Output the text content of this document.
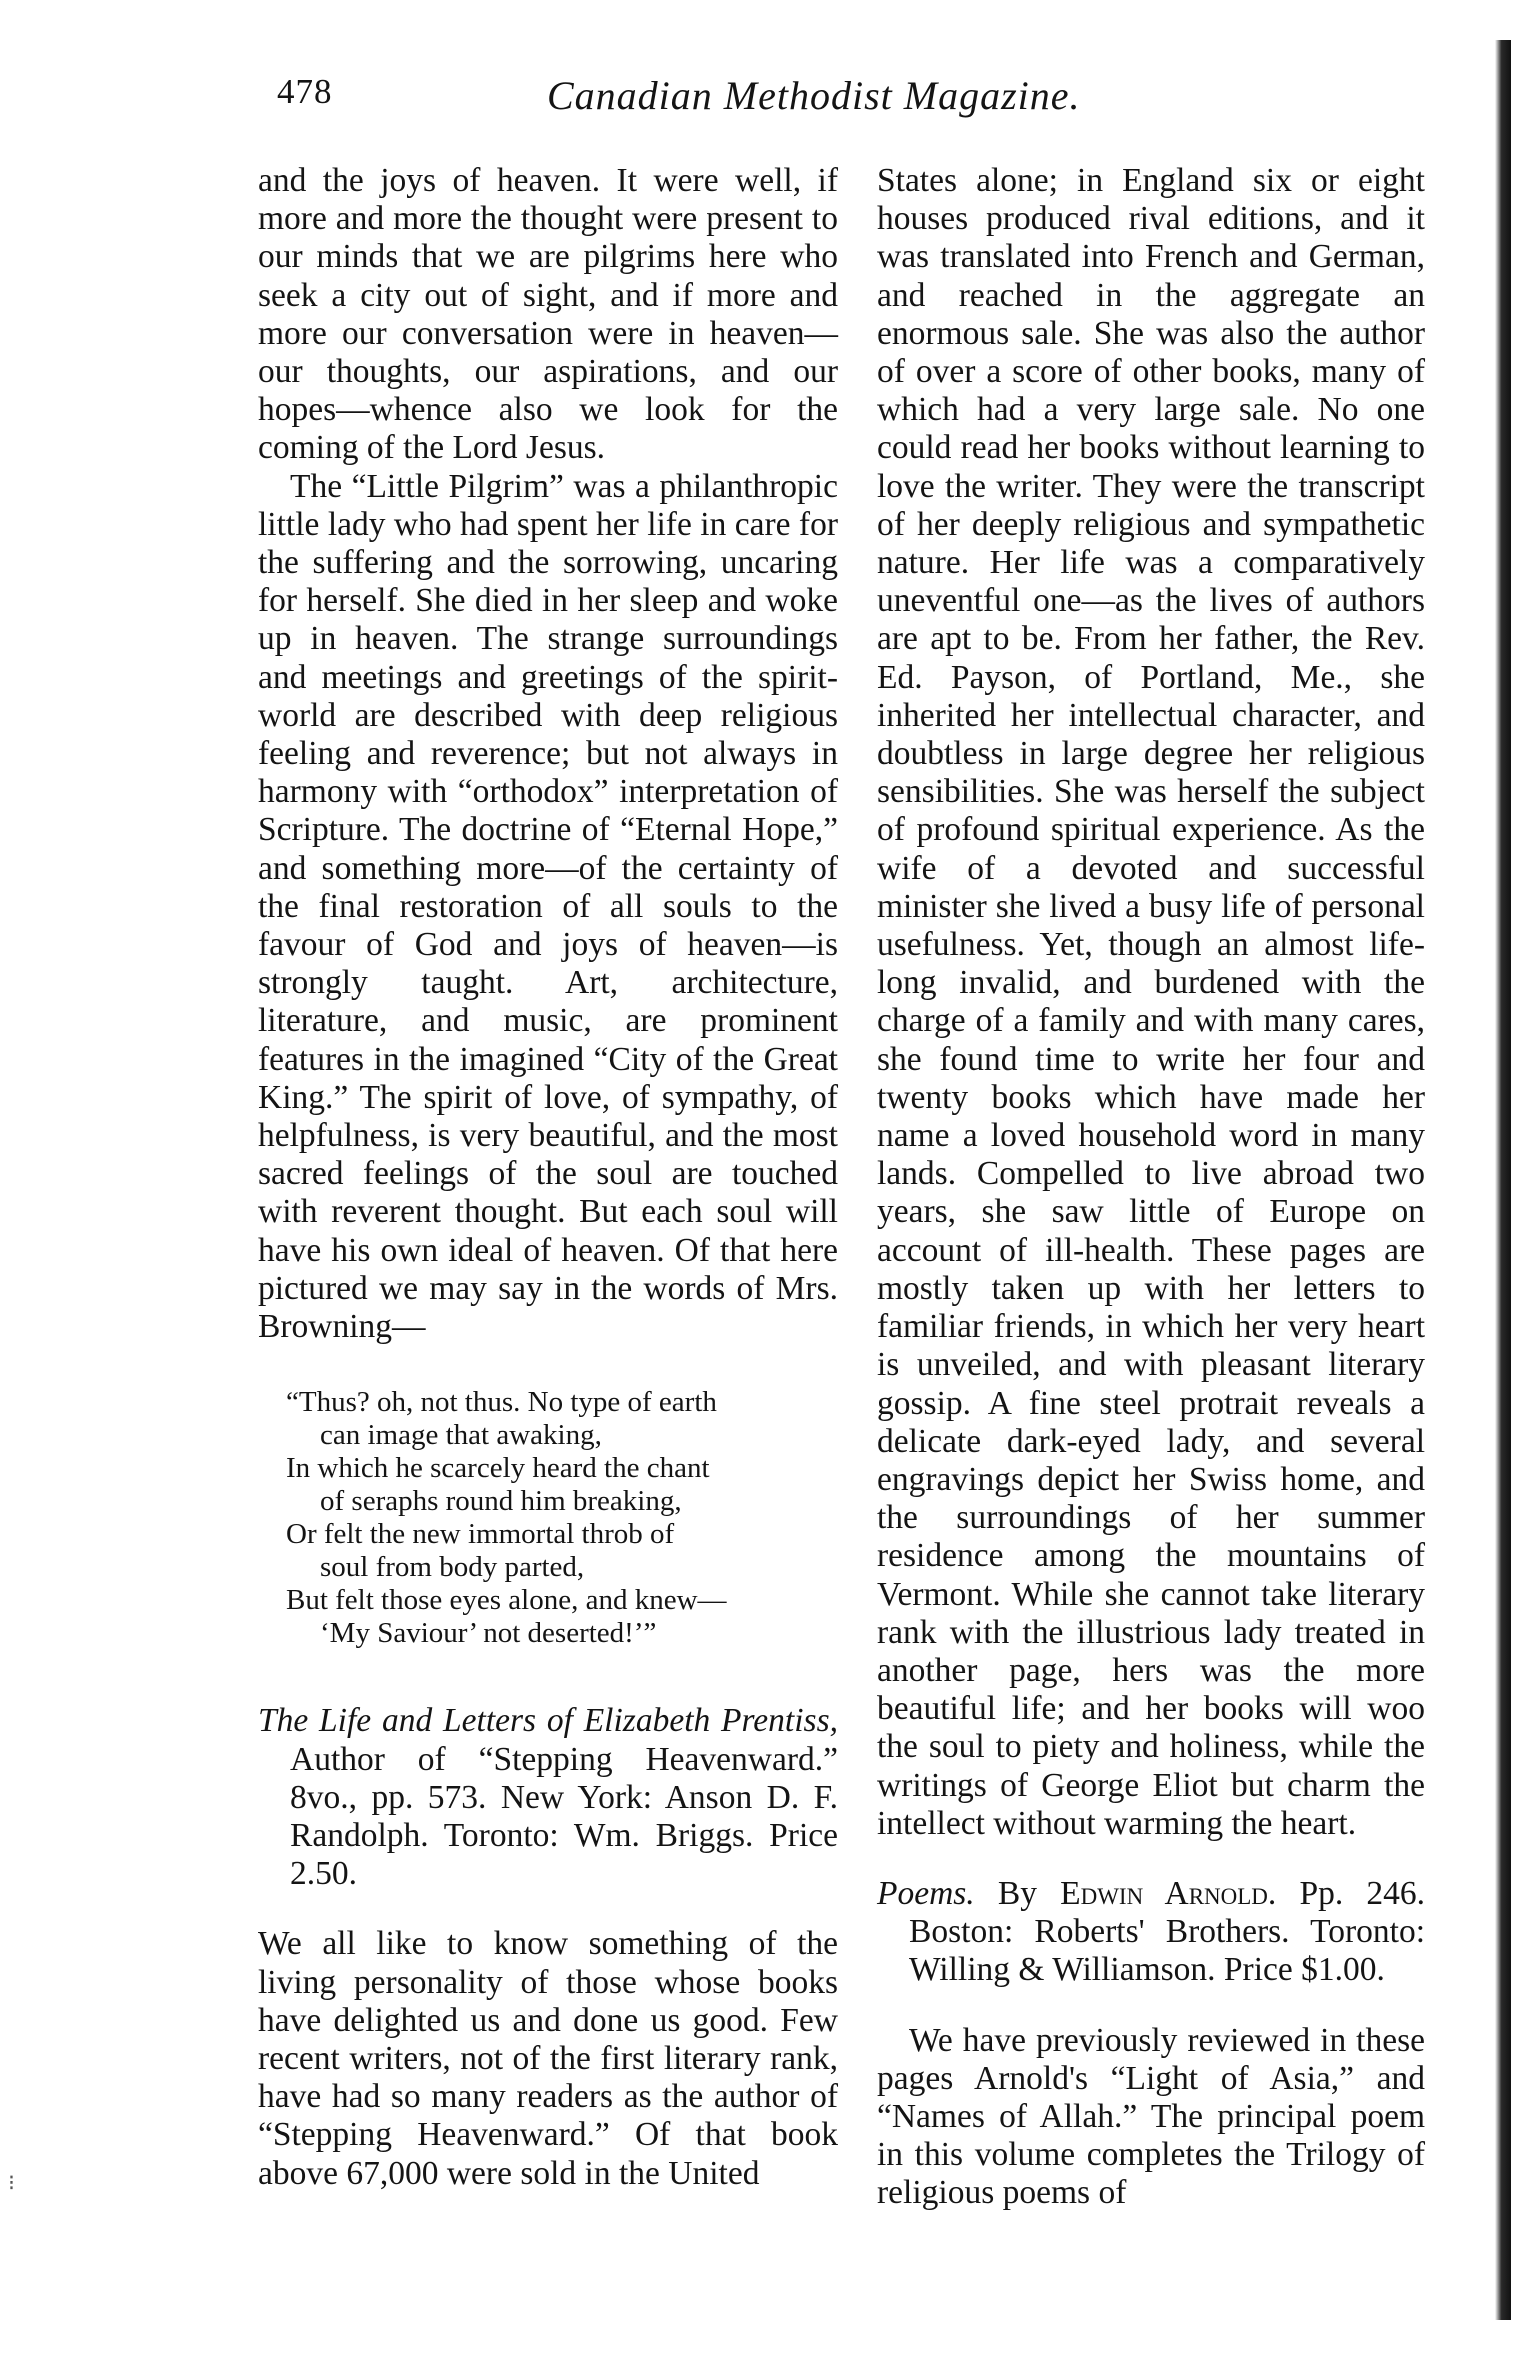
478	Canadian Methodist Magazine.

and the joys of heaven. It were well, if more and more the thought were present to our minds that we are pilgrims here who seek a city out of sight, and if more and more our conversation were in heaven—our thoughts, our aspirations, and our hopes—whence also we look for the coming of the Lord Jesus.

The “Little Pilgrim” was a philanthropic little lady who had spent her life in care for the suffering and the sorrowing, uncaring for herself. She died in her sleep and woke up in heaven. The strange surroundings and meetings and greetings of the spirit-world are described with deep religious feeling and reverence; but not always in harmony with “orthodox” interpretation of Scripture. The doctrine of “Eternal Hope,” and something more—of the certainty of the final restoration of all souls to the favour of God and joys of heaven—is strongly taught. Art, architecture, literature, and music, are prominent features in the imagined “City of the Great King.” The spirit of love, of sympathy, of helpfulness, is very beautiful, and the most sacred feelings of the soul are touched with reverent thought. But each soul will have his own ideal of heaven. Of that here pictured we may say in the words of Mrs. Browning—

“Thus? oh, not thus. No type of earth
can image that awaking,
In which he scarcely heard the chant
of seraphs round him breaking,
Or felt the new immortal throb of
soul from body parted,
But felt those eyes alone, and knew—
‘My Saviour’ not deserted!’”

The Life and Letters of Elizabeth Prentiss, Author of “Stepping Heavenward.” 8vo., pp. 573. New York: Anson D. F. Randolph. Toronto: Wm. Briggs. Price 2.50.

We all like to know something of the living personality of those whose books have delighted us and done us good. Few recent writers, not of the first literary rank, have had so many readers as the author of “Stepping Heavenward.” Of that book above 67,000 were sold in the United

States alone; in England six or eight houses produced rival editions, and it was translated into French and German, and reached in the aggregate an enormous sale. She was also the author of over a score of other books, many of which had a very large sale. No one could read her books without learning to love the writer. They were the transcript of her deeply religious and sympathetic nature. Her life was a comparatively uneventful one—as the lives of authors are apt to be. From her father, the Rev. Ed. Payson, of Portland, Me., she inherited her intellectual character, and doubtless in large degree her religious sensibilities. She was herself the subject of profound spiritual experience. As the wife of a devoted and successful minister she lived a busy life of personal usefulness. Yet, though an almost life-long invalid, and burdened with the charge of a family and with many cares, she found time to write her four and twenty books which have made her name a loved household word in many lands. Compelled to live abroad two years, she saw little of Europe on account of ill-health. These pages are mostly taken up with her letters to familiar friends, in which her very heart is unveiled, and with pleasant literary gossip. A fine steel protrait reveals a delicate dark-eyed lady, and several engravings depict her Swiss home, and the surroundings of her summer residence among the mountains of Vermont. While she cannot take literary rank with the illustrious lady treated in another page, hers was the more beautiful life; and her books will woo the soul to piety and holiness, while the writings of George Eliot but charm the intellect without warming the heart.

Poems. By Edwin Arnold. Pp. 246. Boston: Roberts' Brothers. Toronto: Willing & Williamson. Price $1.00.

We have previously reviewed in these pages Arnold's “Light of Asia,” and “Names of Allah.” The principal poem in this volume completes the Trilogy of religious poems of

⁝
